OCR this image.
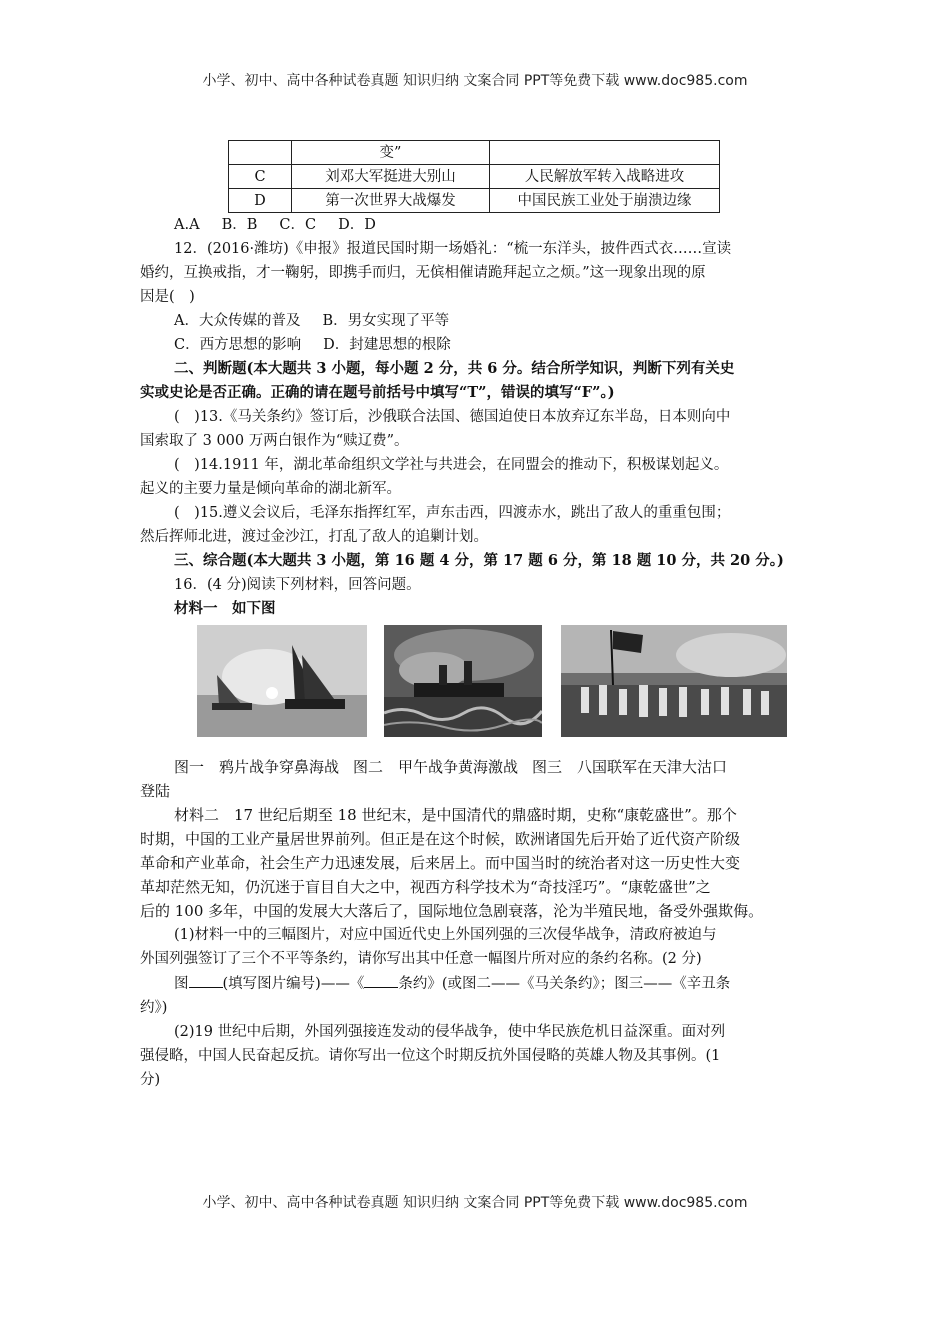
小学、初中、高中各种试卷真题 知识归纳 文案合同 PPT等免费下载 www.doc985.com
	变”	
C	刘邓大军挺进大别山	人民解放军转入战略进攻
D	第一次世界大战爆发	中国民族工业处于崩溃边缘

A.A B．B C．C D．D

12．(2016·潍坊)《申报》报道民国时期一场婚礼：“梳一东洋头，披件西式衣……宣读

婚约，互换戒指，才一鞠躬，即携手而归，无傧相催请跪拜起立之烦。”这一现象出现的原

因是(　)

A．大众传媒的普及 B．男女实现了平等

C．西方思想的影响 D．封建思想的根除

二、判断题(本大题共 3 小题，每小题 2 分，共 6 分。结合所学知识，判断下列有关史

实或史论是否正确。正确的请在题号前括号中填写“T”，错误的填写“F”。)

(　)13.《马关条约》签订后，沙俄联合法国、德国迫使日本放弃辽东半岛，日本则向中

国索取了 3 000 万两白银作为“赎辽费”。

(　)14.1911 年，湖北革命组织文学社与共进会，在同盟会的推动下，积极谋划起义。

起义的主要力量是倾向革命的湖北新军。

(　)15.遵义会议后，毛泽东指挥红军，声东击西，四渡赤水，跳出了敌人的重重包围；

然后挥师北进，渡过金沙江，打乱了敌人的追剿计划。

三、综合题(本大题共 3 小题，第 16 题 4 分，第 17 题 6 分，第 18 题 10 分，共 20 分。)

16．(4 分)阅读下列材料，回答问题。

材料一　如下图

图一　鸦片战争穿鼻海战 图二　甲午战争黄海激战 图三　八国联军在天津大沽口

登陆

材料二　17 世纪后期至 18 世纪末，是中国清代的鼎盛时期，史称“康乾盛世”。那个

时期，中国的工业产量居世界前列。但正是在这个时候，欧洲诸国先后开始了近代资产阶级

革命和产业革命，社会生产力迅速发展，后来居上。而中国当时的统治者对这一历史性大变

革却茫然无知，仍沉迷于盲目自大之中，视西方科学技术为“奇技淫巧”。“康乾盛世”之

后的 100 多年，中国的发展大大落后了，国际地位急剧衰落，沦为半殖民地，备受外强欺侮。

(1)材料一中的三幅图片，对应中国近代史上外国列强的三次侵华战争，清政府被迫与

外国列强签订了三个不平等条约，请你写出其中任意一幅图片所对应的条约名称。(2 分)

图 (填写图片编号)——《 条约》(或图二——《马关条约》；图三——《辛丑条

约》)

(2)19 世纪中后期，外国列强接连发动的侵华战争，使中华民族危机日益深重。面对列

强侵略，中国人民奋起反抗。请你写出一位这个时期反抗外国侵略的英雄人物及其事例。(1

分)

小学、初中、高中各种试卷真题 知识归纳 文案合同 PPT等免费下载 www.doc985.com
